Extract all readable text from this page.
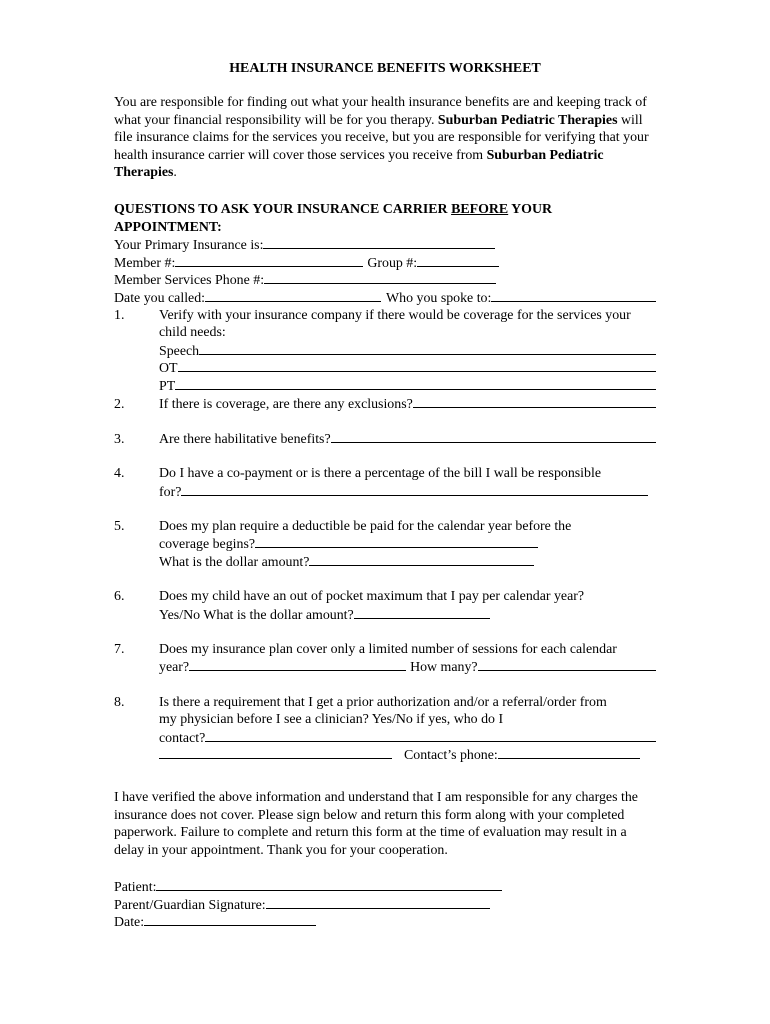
HEALTH INSURANCE BENEFITS WORKSHEET
You are responsible for finding out what your health insurance benefits are and keeping track of what your financial responsibility will be for you therapy. Suburban Pediatric Therapies will file insurance claims for the services you receive, but you are responsible for verifying that your health insurance carrier will cover those services you receive from Suburban Pediatric Therapies.
QUESTIONS TO ASK YOUR INSURANCE CARRIER BEFORE YOUR APPOINTMENT:
Your Primary Insurance is:
Member #:	Group #:
Member Services Phone #:
Date you called:	Who you spoke to:
1.	Verify with your insurance company if there would be coverage for the services your child needs:
Speech
OT
PT
2.	If there is coverage, are there any exclusions?
3.	Are there habilitative benefits?
4.	Do I have a co-payment or is there a percentage of the bill I wall be responsible
for?
5.	Does my plan require a deductible be paid for the calendar year before the
coverage begins?
What is the dollar amount?
6.	Does my child have an out of pocket maximum that I pay per calendar year?
Yes/No What is the dollar amount?
7.	Does my insurance plan cover only a limited number of sessions for each calendar
year?	How many?
8.	Is there a requirement that I get a prior authorization and/or a referral/order from
my physician before I see a clinician? Yes/No if yes, who do I
contact?
Contact’s phone:
I have verified the above information and understand that I am responsible for any charges the insurance does not cover. Please sign below and return this form along with your completed paperwork. Failure to complete and return this form at the time of evaluation may result in a delay in your appointment. Thank you for your cooperation.
Patient:
Parent/Guardian Signature:
Date:
